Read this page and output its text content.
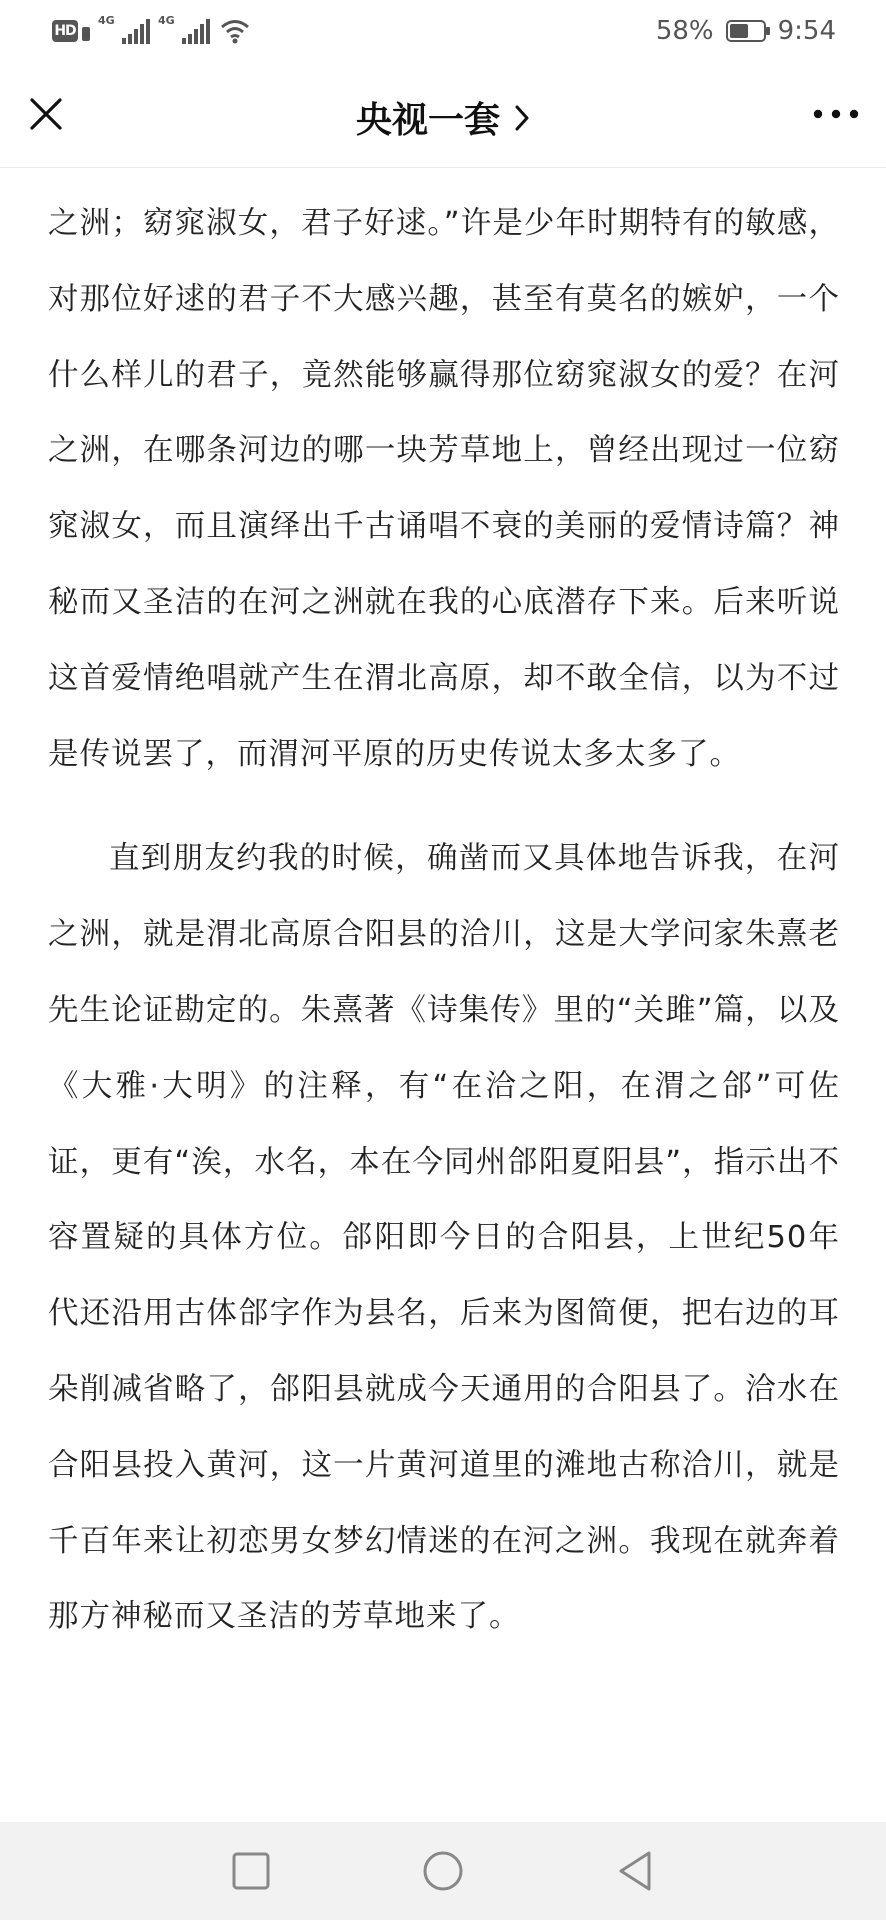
HD
4G	4G	58% 9:54
央视一套

之洲；窈窕淑女，君子好逑。”许是少年时期特有的敏感，对那位好逑的君子不大感兴趣，甚至有莫名的嫉妒，一个什么样儿的君子，竟然能够赢得那位窈窕淑女的爱？在河之洲，在哪条河边的哪一块芳草地上，曾经出现过一位窈窕淑女，而且演绎出千古诵唱不衰的美丽的爱情诗篇？神秘而又圣洁的在河之洲就在我的心底潜存下来。后来听说这首爱情绝唱就产生在渭北高原，却不敢全信，以为不过是传说罢了，而渭河平原的历史传说太多太多了。

直到朋友约我的时候，确凿而又具体地告诉我，在河之洲，就是渭北高原合阳县的洽川，这是大学问家朱熹老先生论证勘定的。朱熹著《诗集传》里的“关雎”篇，以及《大雅·大明》的注释，有“在洽之阳，在渭之郃”可佐证，更有“涘，水名，本在今同州郃阳夏阳县”，指示出不容置疑的具体方位。郃阳即今日的合阳县，上世纪50年代还沿用古体郃字作为县名，后来为图简便，把右边的耳朵削减省略了，郃阳县就成今天通用的合阳县了。洽水在合阳县投入黄河，这一片黄河道里的滩地古称洽川，就是千百年来让初恋男女梦幻情迷的在河之洲。我现在就奔着那方神秘而又圣洁的芳草地来了。
